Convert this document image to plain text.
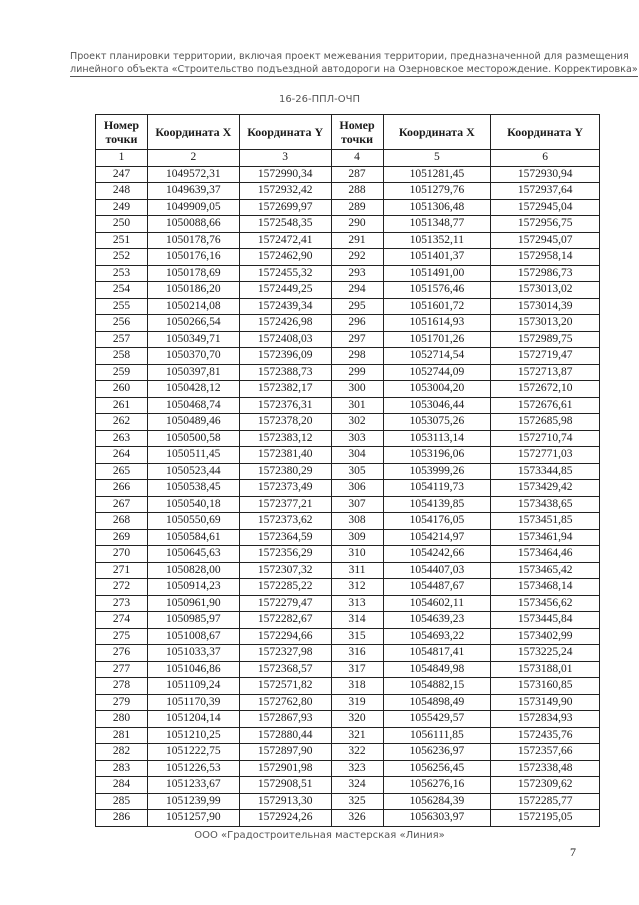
Проект планировки территории, включая проект межевания территории, предназначенной для размещения
линейного объекта «Строительство подъездной автодороги на Озерновское месторождение. Корректировка»
16-26-ППЛ-ОЧП
Номер точки	Координата X	Координата Y	Номер точки	Координата X	Координата Y
1	2	3	4	5	6
247	1049572,31	1572990,34	287	1051281,45	1572930,94
248	1049639,37	1572932,42	288	1051279,76	1572937,64
249	1049909,05	1572699,97	289	1051306,48	1572945,04
250	1050088,66	1572548,35	290	1051348,77	1572956,75
251	1050178,76	1572472,41	291	1051352,11	1572945,07
252	1050176,16	1572462,90	292	1051401,37	1572958,14
253	1050178,69	1572455,32	293	1051491,00	1572986,73
254	1050186,20	1572449,25	294	1051576,46	1573013,02
255	1050214,08	1572439,34	295	1051601,72	1573014,39
256	1050266,54	1572426,98	296	1051614,93	1573013,20
257	1050349,71	1572408,03	297	1051701,26	1572989,75
258	1050370,70	1572396,09	298	1052714,54	1572719,47
259	1050397,81	1572388,73	299	1052744,09	1572713,87
260	1050428,12	1572382,17	300	1053004,20	1572672,10
261	1050468,74	1572376,31	301	1053046,44	1572676,61
262	1050489,46	1572378,20	302	1053075,26	1572685,98
263	1050500,58	1572383,12	303	1053113,14	1572710,74
264	1050511,45	1572381,40	304	1053196,06	1572771,03
265	1050523,44	1572380,29	305	1053999,26	1573344,85
266	1050538,45	1572373,49	306	1054119,73	1573429,42
267	1050540,18	1572377,21	307	1054139,85	1573438,65
268	1050550,69	1572373,62	308	1054176,05	1573451,85
269	1050584,61	1572364,59	309	1054214,97	1573461,94
270	1050645,63	1572356,29	310	1054242,66	1573464,46
271	1050828,00	1572307,32	311	1054407,03	1573465,42
272	1050914,23	1572285,22	312	1054487,67	1573468,14
273	1050961,90	1572279,47	313	1054602,11	1573456,62
274	1050985,97	1572282,67	314	1054639,23	1573445,84
275	1051008,67	1572294,66	315	1054693,22	1573402,99
276	1051033,37	1572327,98	316	1054817,41	1573225,24
277	1051046,86	1572368,57	317	1054849,98	1573188,01
278	1051109,24	1572571,82	318	1054882,15	1573160,85
279	1051170,39	1572762,80	319	1054898,49	1573149,90
280	1051204,14	1572867,93	320	1055429,57	1572834,93
281	1051210,25	1572880,44	321	1056111,85	1572435,76
282	1051222,75	1572897,90	322	1056236,97	1572357,66
283	1051226,53	1572901,98	323	1056256,45	1572338,48
284	1051233,67	1572908,51	324	1056276,16	1572309,62
285	1051239,99	1572913,30	325	1056284,39	1572285,77
286	1051257,90	1572924,26	326	1056303,97	1572195,05
ООО «Градостроительная мастерская «Линия»
7
